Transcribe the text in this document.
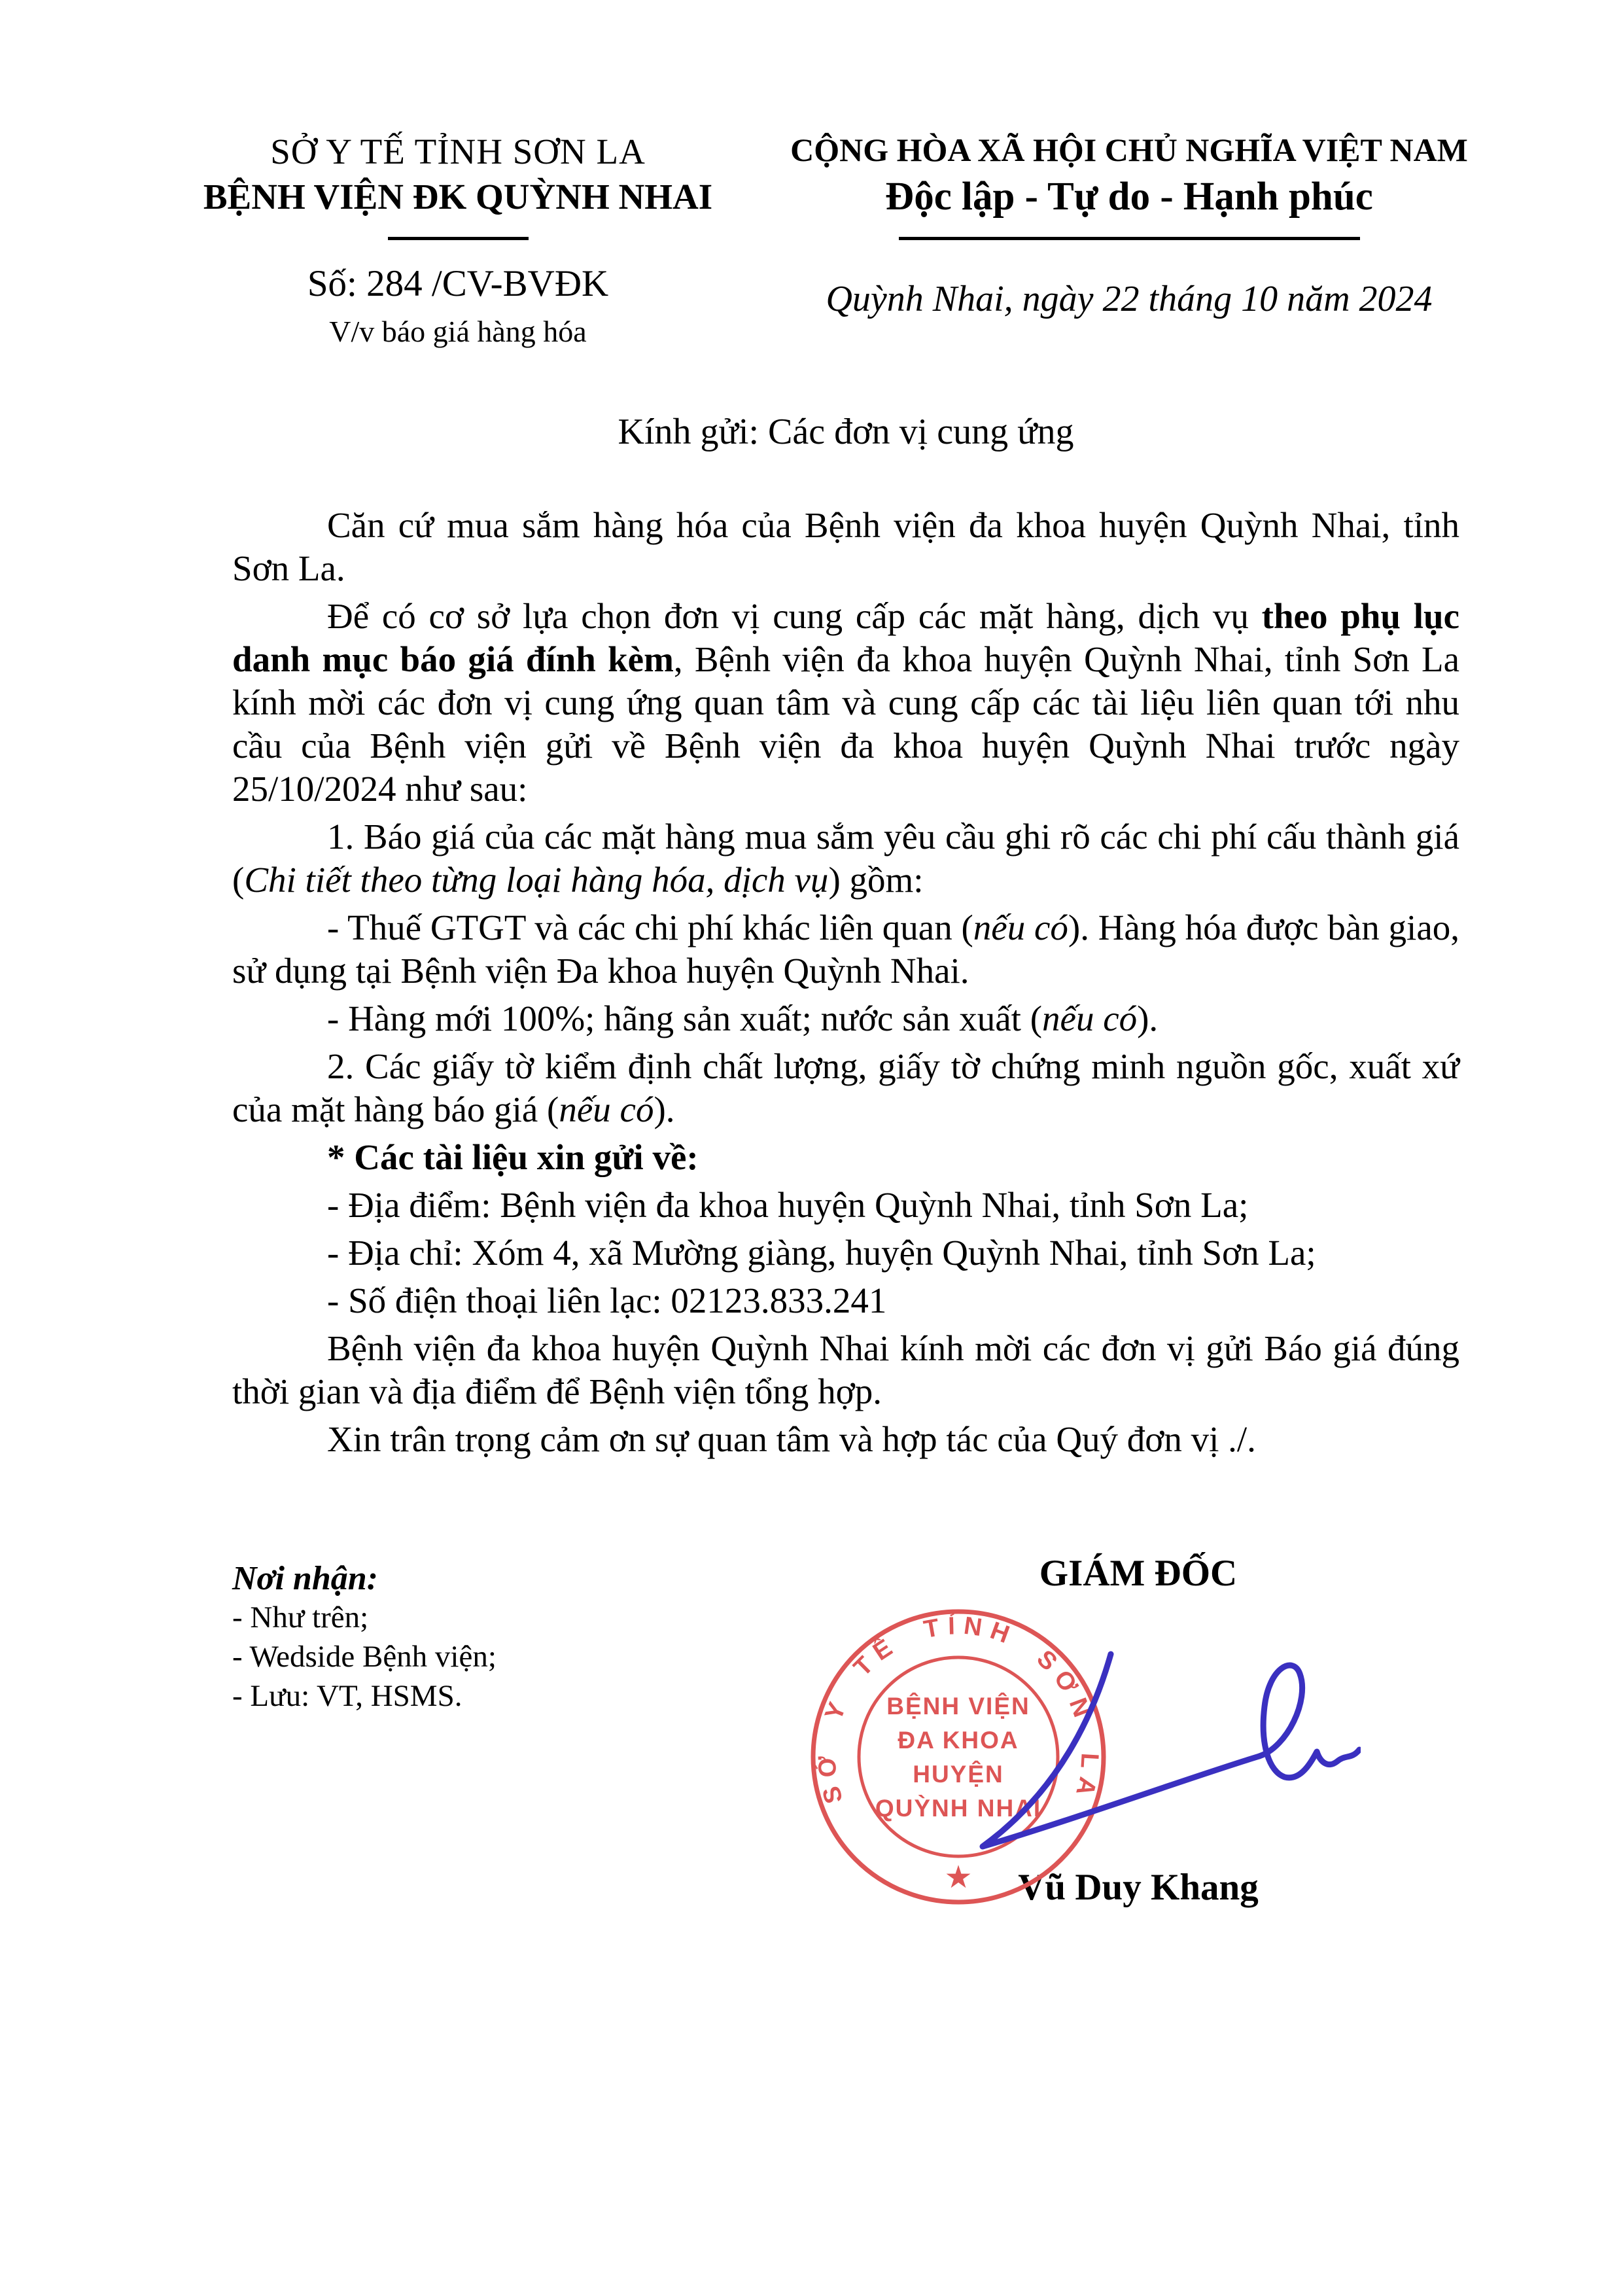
SỞ Y TẾ TỈNH SƠN LA
BỆNH VIỆN ĐK QUỲNH NHAI
Số: 284 /CV-BVĐK
V/v báo giá hàng hóa
CỘNG HÒA XÃ HỘI CHỦ NGHĨA VIỆT NAM
Độc lập - Tự do - Hạnh phúc
Quỳnh Nhai, ngày 22 tháng 10 năm 2024
Kính gửi: Các đơn vị cung ứng

Căn cứ mua sắm hàng hóa của Bệnh viện đa khoa huyện Quỳnh Nhai, tỉnh Sơn La.

Để có cơ sở lựa chọn đơn vị cung cấp các mặt hàng, dịch vụ theo phụ lục danh mục báo giá đính kèm, Bệnh viện đa khoa huyện Quỳnh Nhai, tỉnh Sơn La kính mời các đơn vị cung ứng quan tâm và cung cấp các tài liệu liên quan tới nhu cầu của Bệnh viện gửi về Bệnh viện đa khoa huyện Quỳnh Nhai trước ngày 25/10/2024 như sau:

1. Báo giá của các mặt hàng mua sắm yêu cầu ghi rõ các chi phí cấu thành giá (Chi tiết theo từng loại hàng hóa, dịch vụ) gồm:

- Thuế GTGT và các chi phí khác liên quan (nếu có). Hàng hóa được bàn giao, sử dụng tại Bệnh viện Đa khoa huyện Quỳnh Nhai.

- Hàng mới 100%; hãng sản xuất; nước sản xuất (nếu có).

2. Các giấy tờ kiểm định chất lượng, giấy tờ chứng minh nguồn gốc, xuất xứ của mặt hàng báo giá (nếu có).

* Các tài liệu xin gửi về:

- Địa điểm: Bệnh viện đa khoa huyện Quỳnh Nhai, tỉnh Sơn La;

- Địa chỉ: Xóm 4, xã Mường giàng, huyện Quỳnh Nhai, tỉnh Sơn La;

- Số điện thoại liên lạc: 02123.833.241

Bệnh viện đa khoa huyện Quỳnh Nhai kính mời các đơn vị gửi Báo giá đúng thời gian và địa điểm để Bệnh viện tổng hợp.

Xin trân trọng cảm ơn sự quan tâm và hợp tác của Quý đơn vị ./.

Nơi nhận:
- Như trên;
- Wedside Bệnh viện;
- Lưu: VT, HSMS.
GIÁM ĐỐC
SỞ Y TẾ TỈNH SƠN LA
BỆNH VIỆN
ĐA KHOA
HUYỆN
QUỲNH NHAI
★	Vũ Duy Khang
